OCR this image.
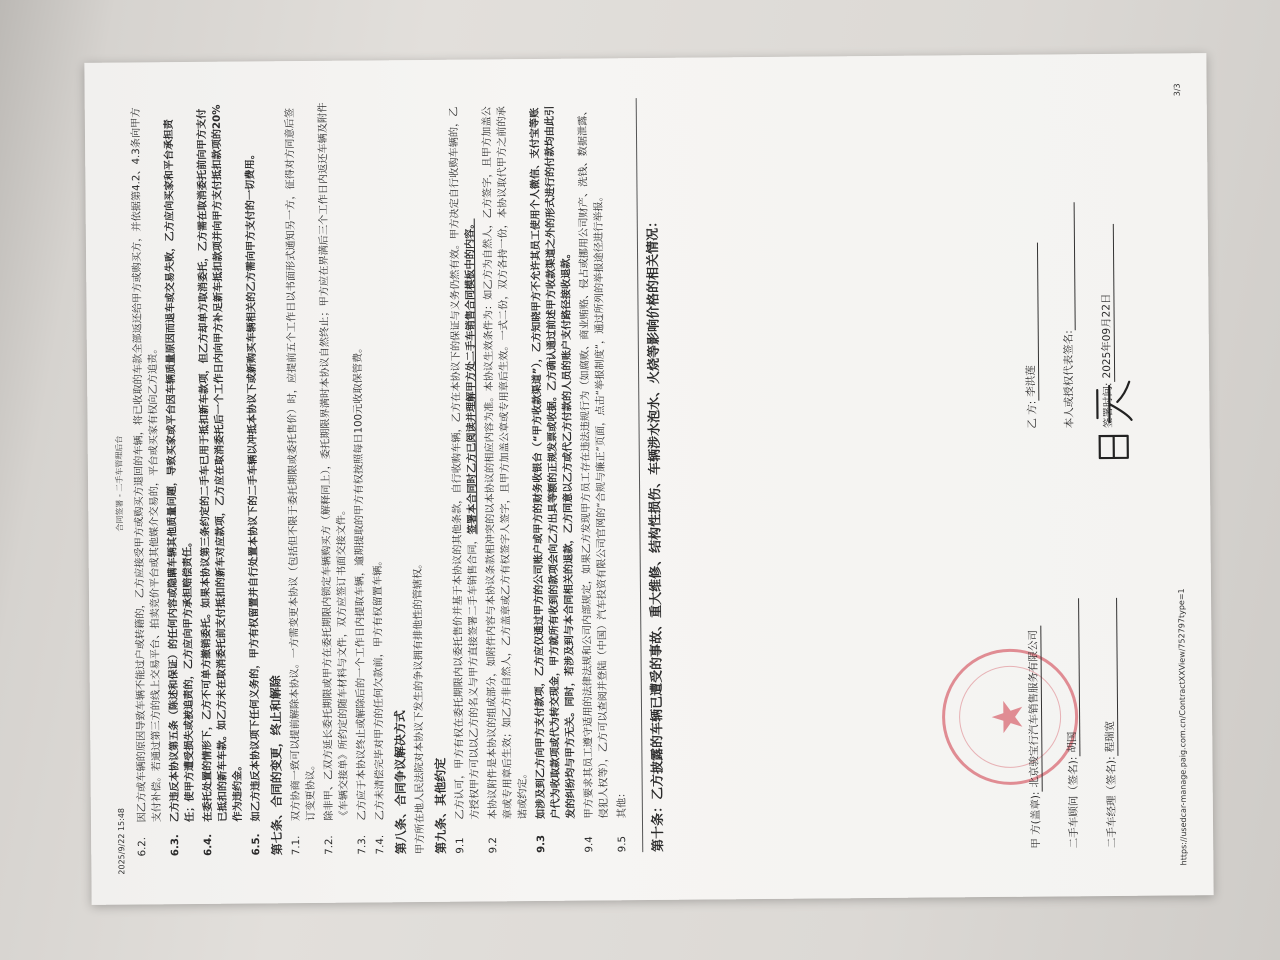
2025/9/22 15:48
合同签署 - 二手车管理后台
6.2.
因乙方或车辆的原因导致车辆不能过户或转籍的，乙方应接受甲方或购买方退回的车辆，将已收取的车款全部返还给甲方或购买方，并依据第4.2、4.3条向甲方支付补偿。若通过第三方的线上交易平台、拍卖竞价平台或其他媒介交易的，平台或买家有权向乙方追责。
6.3.
乙方违反本协议第五条（陈述和保证）的任何内容或隐瞒车辆其他质量问题，导致买家或平台因车辆质量原因而退车或交易失败，乙方应向买家和平台承担责任；使甲方遭受损失或被追责的，乙方应向甲方承担赔偿责任。
6.4.
在委托处置的情形下，乙方不可单方撤销委托。如果本协议第三条约定的二手车已用于抵扣新车款项，但乙方却单方取消委托，乙方需在取消委托前向甲方支付已抵扣的新车车款。如乙方未在取消委托前支付抵扣的新车对应款项，乙方应在取消委托后一个工作日内向甲方补足新车抵扣款项并向甲方支付抵扣款项的20%作为违约金。
6.5.
如乙方违反本协议项下任何义务的，甲方有权留置并自行处置本协议下的二手车辆以冲抵本协议下或新购买车辆相关的乙方需向甲方支付的一切费用。 第七条、合同的变更，终止和解除 7.1.
双方协商一致可以提前解除本协议。一方需变更本协议（包括但不限于委托期限或委托售价）时，应提前五个工作日以书面形式通知另一方，征得对方同意后签订变更协议。
7.2.
除非甲、乙双方延长委托期限或甲方在委托期限内锁定车辆购买方（解释同上），委托期限界满时本协议自然终止；甲方应在界满后三个工作日内返还车辆及附件《车辆交接单》所约定的随车材料与文件，双方应签订书面交接文件。
7.3.
乙方应于本协议终止或解除后的一个工作日内提取车辆，逾期提取的甲方有权按照每日100元收取保管费。
7.4.
乙方未清偿完毕对甲方的任何欠款前，甲方有权留置车辆。 第八条、合同争议解决方式 甲方所在地人民法院对本协议下发生的争议拥有排他性的管辖权。 第九条、其他约定 9.1
乙方认可，甲方有权在委托期限内以委托售价并基于本协议的其他条款，自行收购车辆，乙方在本协议下的保证与义务仍然有效。甲方决定自行收购车辆的，乙方授权甲方可以以乙方的名义与甲方直接签署二手车销售合同，签署本合同时乙方已阅读并理解甲方处二手车销售合同模板中的内容。
9.2
本协议附件是本协议的组成部分，如附件内容与本协议条款相冲突的以本协议的相应内容为准。本协议生效条件为：如乙方为自然人，乙方签字，且甲方加盖公章或专用章后生效；如乙方非自然人，乙方盖章或乙方有权签字人签字，且甲方加盖公章或专用章后生效。一式二份，双方各持一份，本协议取代甲方之前的承诺或约定。
9.3
如涉及到乙方向甲方支付款项，乙方应仅通过甲方的公司账户或甲方的财务收银台（“甲方收款渠道”），乙方知晓甲方不允许其员工使用个人微信、支付宝等账户代为收取款项或代为转交现金，甲方就所有收到的款项会向乙方出具等额的正规发票或收据。乙方确认通过前述甲方收款渠道之外的形式进行的付款均由此引发的纠纷均与甲方无关。同时，若涉及到与本合同相关的退款，乙方同意以乙方或代乙方付款的人员的账户支付路径接收退款。
9.4
甲方要求其员工遵守适用的法律法规和公司内部规定，如果乙方发现甲方员工存在违法违规行为（如腐败、商业贿赂、侵占或挪用公司财产、洗钱、数据泄露、侵犯人权等），乙方可以查阅并登陆（中国）汽车投资有限公司官网的“合规与廉正”页面，点击“举报制度”，通过所列的举报途径进行举报。
9.5
其他：	第十条：乙方披露的车辆已遭受的事故、重大维修、结构性损伤、车辆涉水泡水、火烧等影响价格的相关情况：	★
甲 方(盖章):
北京骏宝行汽车销售服务有限公司
二手车顾问（签名):
胡国
二手车经理（签名):
程瑞宽
乙 方:
李洪莲 本人或授权代表签名:
	签署时间:
2025年09月22日
https://usedcar-manage.paig.com.cn/ContractXXView/752797type=1
3/3
